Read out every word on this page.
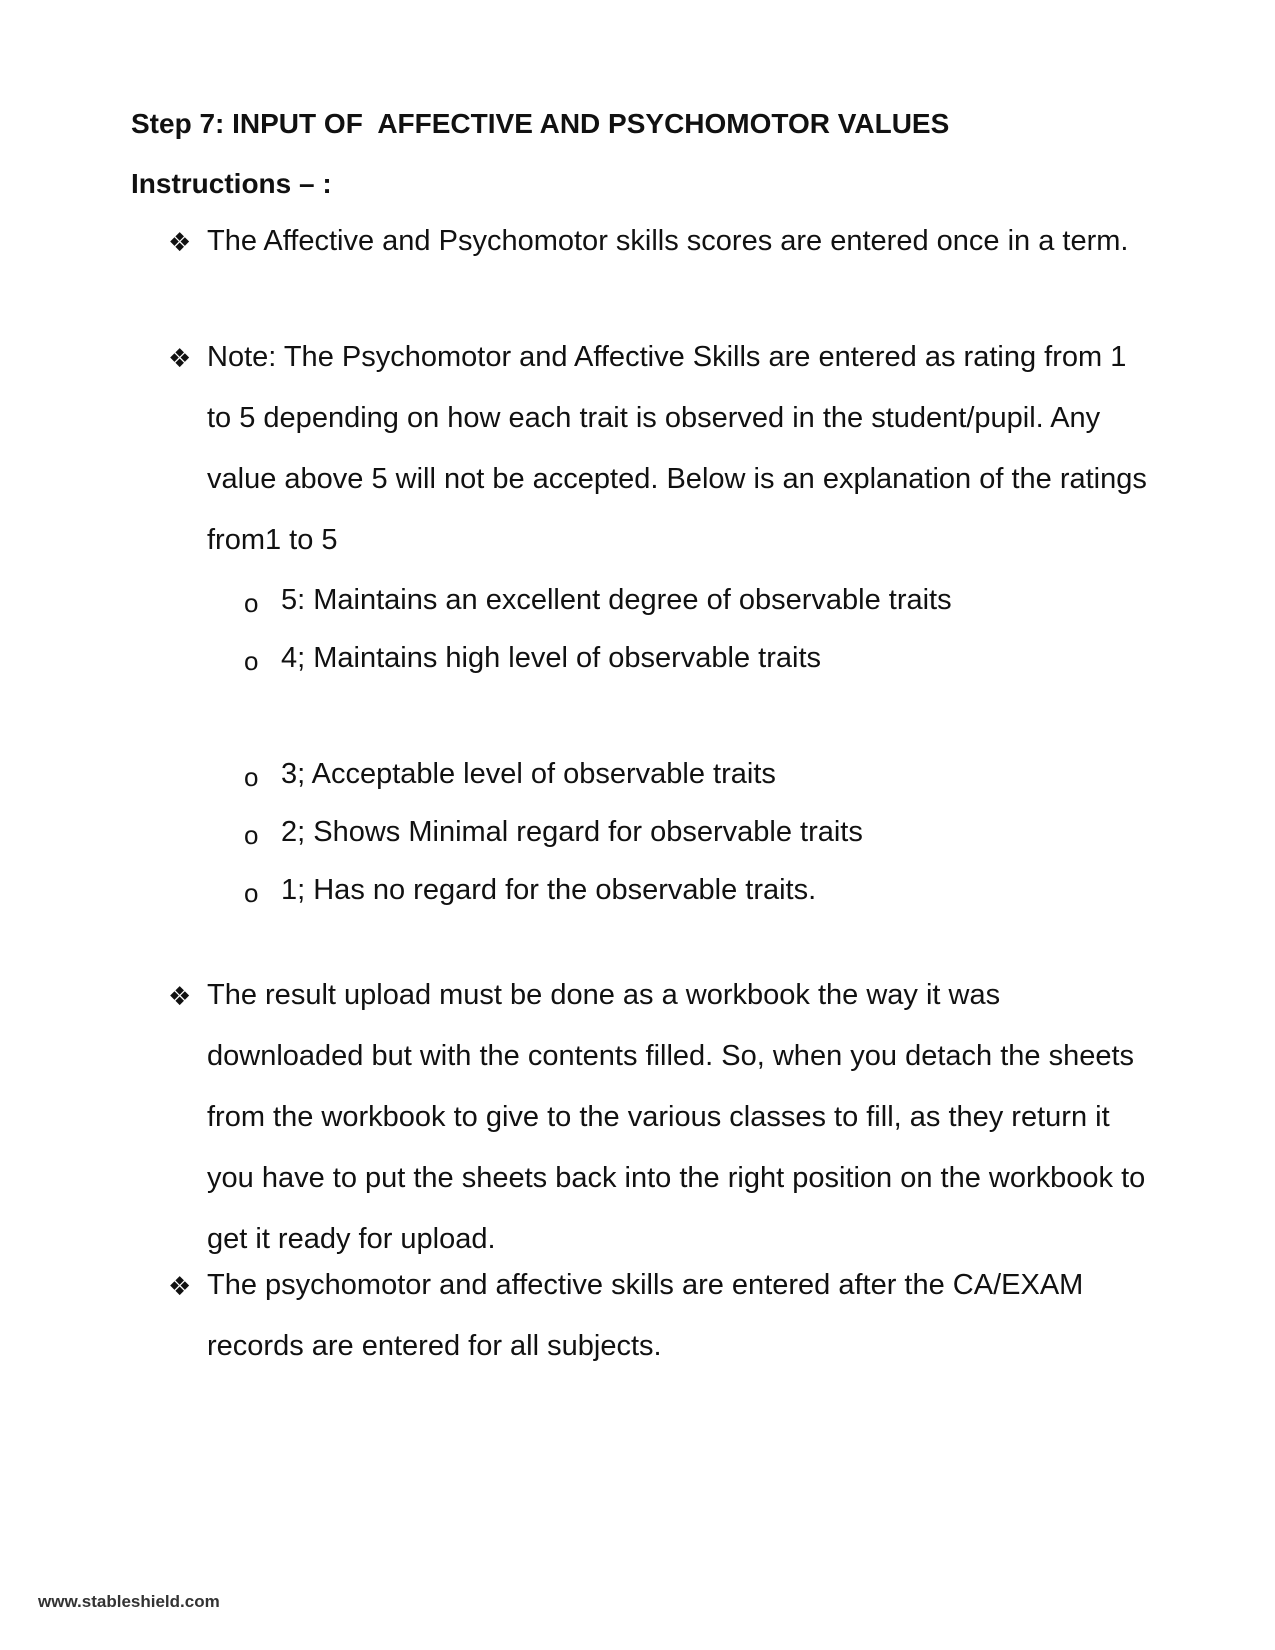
Step 7: INPUT OF  AFFECTIVE AND PSYCHOMOTOR VALUES
Instructions – :
❖ The Affective and Psychomotor skills scores are entered once in a term.
❖ Note: The Psychomotor and Affective Skills are entered as rating from 1 to 5 depending on how each trait is observed in the student/pupil. Any value above 5 will not be accepted. Below is an explanation of the ratings from1 to 5
o 5: Maintains an excellent degree of observable traits
o 4; Maintains high level of observable traits
o 3; Acceptable level of observable traits
o 2; Shows Minimal regard for observable traits
o 1; Has no regard for the observable traits.
❖ The result upload must be done as a workbook the way it was downloaded but with the contents filled. So, when you detach the sheets from the workbook to give to the various classes to fill, as they return it you have to put the sheets back into the right position on the workbook to get it ready for upload.
❖ The psychomotor and affective skills are entered after the CA/EXAM records are entered for all subjects.
www.stableshield.com
